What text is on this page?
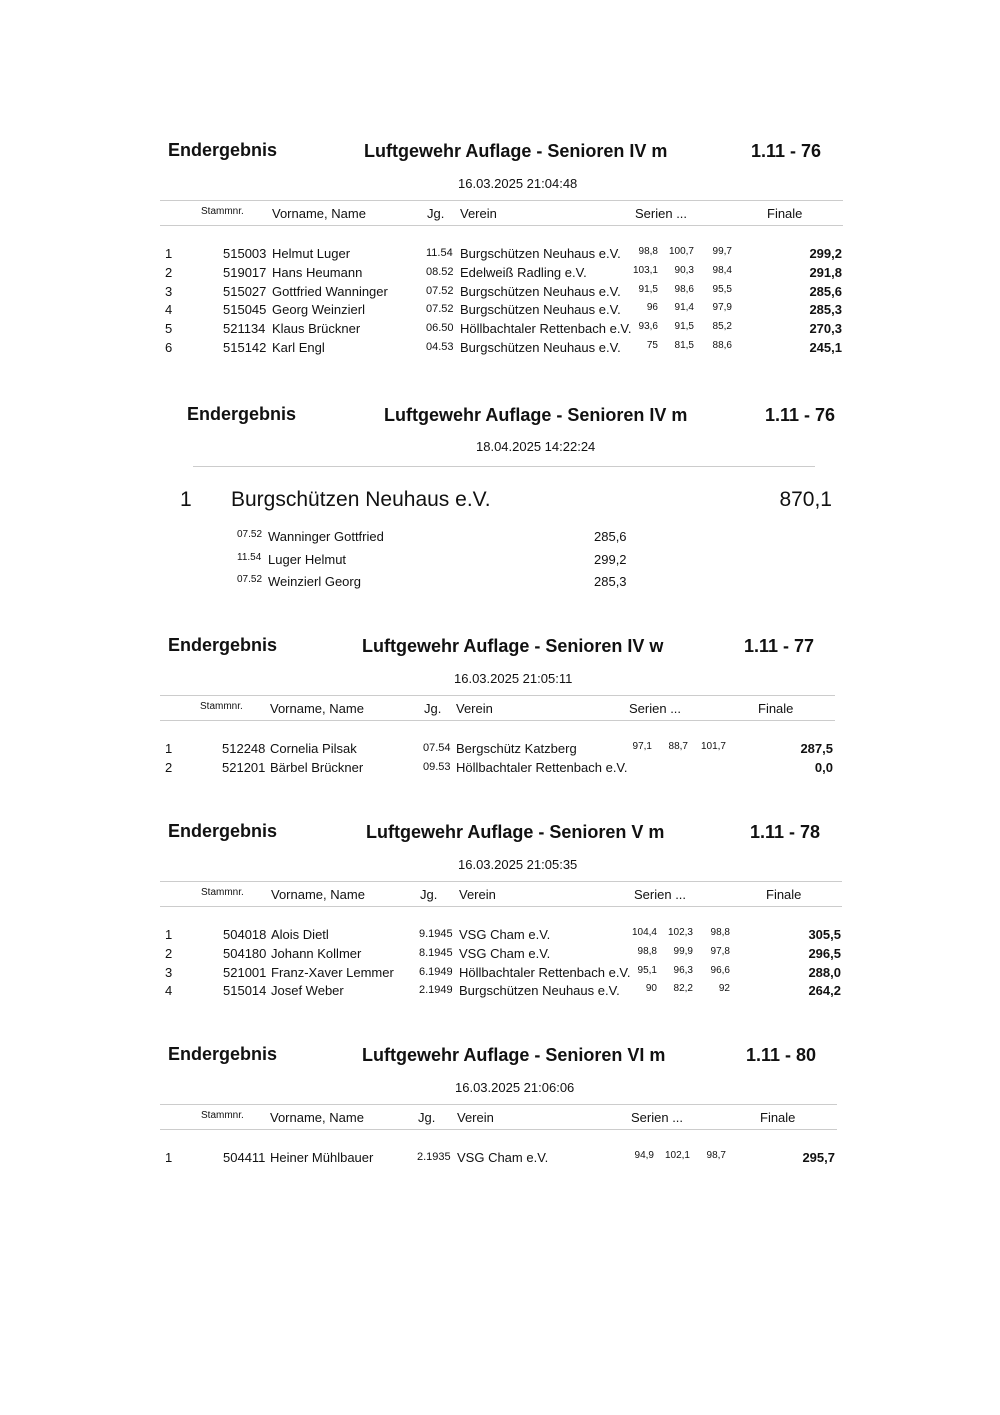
Endergebnis	Luftgewehr Auflage - Senioren IV m	1.11 - 76
16.03.2025 21:04:48
Stammnr. Vorname, Name	Jg. Verein	Serien ...	Finale
1	515003 Helmut Luger	11.54 Burgschützen Neuhaus e.V.	98,8	100,7	99,7	299,2
2	519017 Hans Heumann	08.52 Edelweiß Radling e.V.	103,1	90,3	98,4	291,8
3	515027 Gottfried Wanninger	07.52 Burgschützen Neuhaus e.V.	91,5	98,6	95,5	285,6
4	515045 Georg Weinzierl	07.52 Burgschützen Neuhaus e.V.	96	91,4	97,9	285,3
5	521134 Klaus Brückner	06.50 Höllbachtaler Rettenbach e.V. 93,6	91,5	85,2	270,3
6	515142 Karl Engl	04.53 Burgschützen Neuhaus e.V.	75	81,5	88,6	245,1
Endergebnis	Luftgewehr Auflage - Senioren IV w	1.11 - 77
16.03.2025 21:05:11
Stammnr. Vorname, Name	Jg. Verein	Serien ...	Finale
1	512248 Cornelia Pilsak	07.54 Bergschütz Katzberg	97,1	88,7	101,7	287,5
2	521201 Bärbel Brückner	09.53 Höllbachtaler Rettenbach e.V.	0,0
Endergebnis	Luftgewehr Auflage - Senioren V m	1.11 - 78
16.03.2025 21:05:35
Stammnr. Vorname, Name	Jg. Verein	Serien ...	Finale
1	504018 Alois Dietl	9.1945 VSG Cham e.V.	104,4	102,3	98,8	305,5
2	504180 Johann Kollmer	8.1945 VSG Cham e.V.	98,8	99,9	97,8	296,5
3	521001 Franz-Xaver Lemmer 6.1949 Höllbachtaler Rettenbach e.V. 95,1	96,3	96,6	288,0
4	515014 Josef Weber	2.1949 Burgschützen Neuhaus e.V.	90	82,2	92	264,2
Endergebnis	Luftgewehr Auflage - Senioren VI m	1.11 - 80
16.03.2025 21:06:06
Stammnr. Vorname, Name	Jg. Verein	Serien ...	Finale
1	504411 Heiner Mühlbauer	2.1935 VSG Cham e.V.	94,9	102,1	98,7	295,7
Endergebnis	Luftgewehr Auflage - Senioren IV m	1.11 - 76
18.04.2025 14:22:24
1 Burgschützen Neuhaus e.V.	870,1
07.52 Wanninger Gottfried	285,6
11.54 Luger Helmut	299,2
07.52 Weinzierl Georg	285,3
